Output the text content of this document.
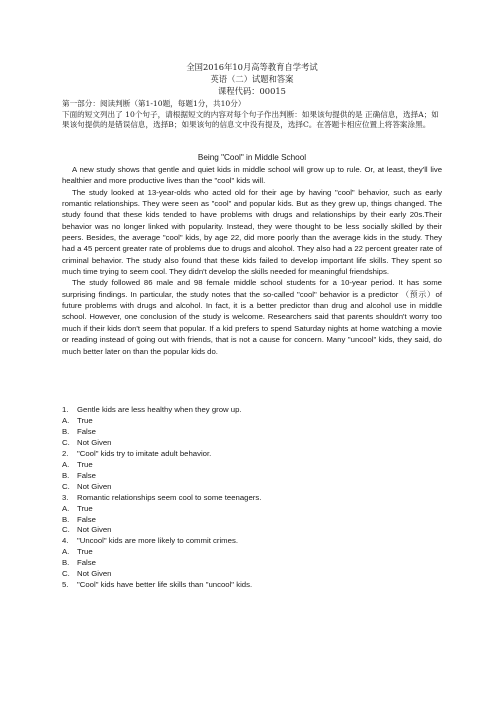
全国2016年10月高等教育自学考试
英语（二）试题和答案
课程代码：00015
第一部分：阅读判断（第1-10题，每题1分，共10分）
下面的短文列出了 10个句子，请根据短文的内容对每个句子作出判断：如果该句提供的是 正确信息，选择A；如果该句提供的是错误信息，选择B；如果该句的信息文中没有提及，选择C。在答题卡相应位置上将答案涂黑。
Being "Cool" in Middle School

A new study shows that gentle and quiet kids in middle school will grow up to rule. Or, at least, they'll live healthier and more productive lives than the "cool" kids will.

The study looked at 13-year-olds who acted old for their age by having "cool" behavior, such as early romantic relationships. They were seen as "cool" and popular kids. But as they grew up, things changed. The study found that these kids tended to have problems with drugs and relationships by their early 20s.Their behavior was no longer linked with popularity. Instead, they were thought to be less socially skilled by their peers. Besides, the average "cool" kids, by age 22, did more poorly than the average kids in the study. They had a 45 percent greater rate of problems due to drugs and alcohol. They also had a 22 percent greater rate of criminal behavior. The study also found that these kids failed to develop important life skills. They spent so much time trying to seem cool. They didn't develop the skills needed for meaningful friendships.

The study followed 86 male and 98 female middle school students for a 10-year period. It has some surprising findings. In particular, the study notes that the so-called "cool" behavior is a predictor （预示）of future problems with drugs and alcohol. In fact, it is a better predictor than drug and alcohol use in middle school. However, one conclusion of the study is welcome. Researchers said that parents shouldn't worry too much if their kids don't seem that popular. If a kid prefers to spend Saturday nights at home watching a movie or reading instead of going out with friends, that is not a cause for concern. Many "uncool" kids, they said, do much better later on than the popular kids do.

1.	Gentle kids are less healthy when they grow up.
A. True
B. False
C. Not Given
2.	"Cool" kids try to imitate adult behavior.
A. True
B. False
C. Not Given
3.	Romantic relationships seem cool to some teenagers.
A. True
B. False
C. Not Given
4.	"Uncool" kids are more likely to commit crimes.
A. True
B. False
C. Not Given
5.	"Cool" kids have better life skills than "uncool" kids.
